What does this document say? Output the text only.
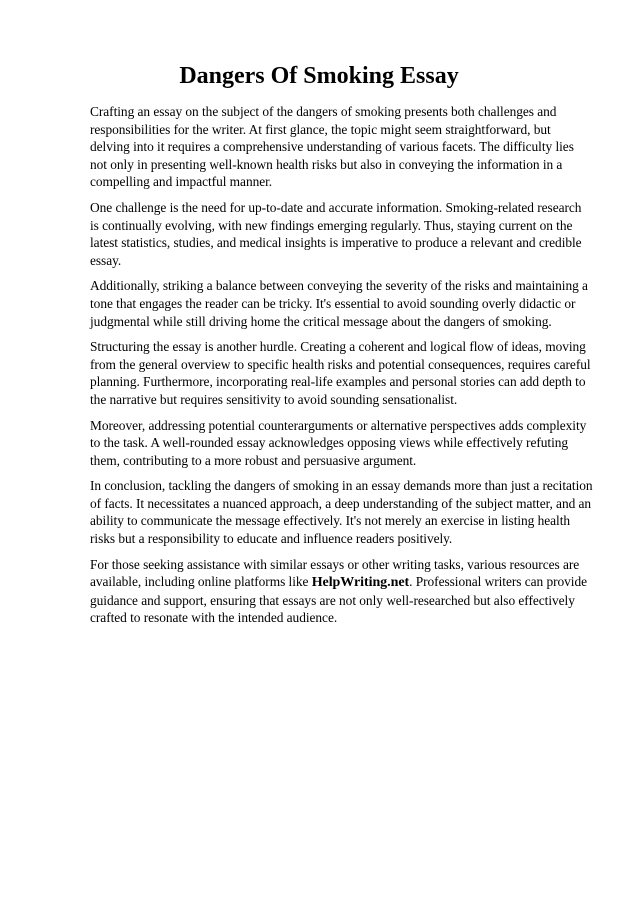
Dangers Of Smoking Essay

Crafting an essay on the subject of the dangers of smoking presents both challenges and responsibilities for the writer. At first glance, the topic might seem straightforward, but delving into it requires a comprehensive understanding of various facets. The difficulty lies not only in presenting well-known health risks but also in conveying the information in a compelling and impactful manner.

One challenge is the need for up-to-date and accurate information. Smoking-related research is continually evolving, with new findings emerging regularly. Thus, staying current on the latest statistics, studies, and medical insights is imperative to produce a relevant and credible essay.

Additionally, striking a balance between conveying the severity of the risks and maintaining a tone that engages the reader can be tricky. It's essential to avoid sounding overly didactic or judgmental while still driving home the critical message about the dangers of smoking.

Structuring the essay is another hurdle. Creating a coherent and logical flow of ideas, moving from the general overview to specific health risks and potential consequences, requires careful planning. Furthermore, incorporating real-life examples and personal stories can add depth to the narrative but requires sensitivity to avoid sounding sensationalist.

Moreover, addressing potential counterarguments or alternative perspectives adds complexity to the task. A well-rounded essay acknowledges opposing views while effectively refuting them, contributing to a more robust and persuasive argument.

In conclusion, tackling the dangers of smoking in an essay demands more than just a recitation of facts. It necessitates a nuanced approach, a deep understanding of the subject matter, and an ability to communicate the message effectively. It's not merely an exercise in listing health risks but a responsibility to educate and influence readers positively.

For those seeking assistance with similar essays or other writing tasks, various resources are available, including online platforms like HelpWriting.net. Professional writers can provide guidance and support, ensuring that essays are not only well-researched but also effectively crafted to resonate with the intended audience.
